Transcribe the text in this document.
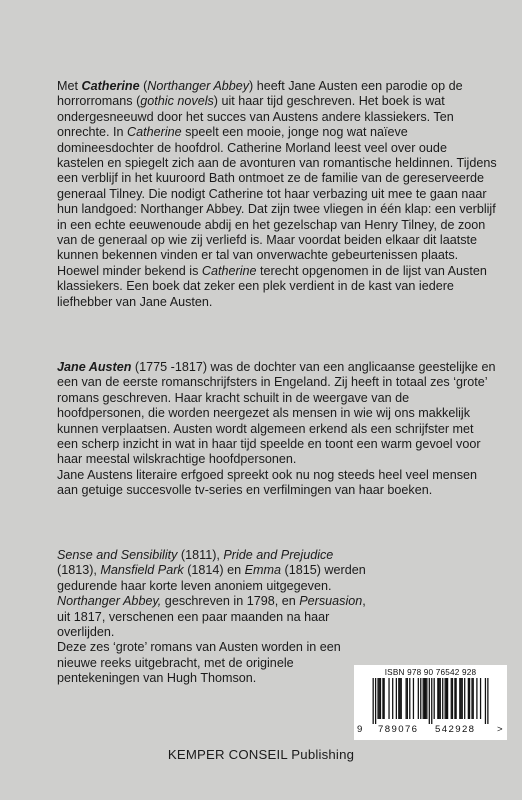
Met Catherine (Northanger Abbey) heeft Jane Austen een parodie op de horrorromans (gothic novels) uit haar tijd geschreven. Het boek is wat ondergesneeuwd door het succes van Austens andere klassiekers. Ten onrechte. In Catherine speelt een mooie, jonge nog wat naïeve domineesdochter de hoofdrol. Catherine Morland leest veel over oude kastelen en spiegelt zich aan de avonturen van romantische heldinnen. Tijdens een verblijf in het kuuroord Bath ontmoet ze de familie van de gereserveerde generaal Tilney. Die nodigt Catherine tot haar verbazing uit mee te gaan naar hun landgoed: Northanger Abbey. Dat zijn twee vliegen in één klap: een verblijf in een echte eeuwenoude abdij en het gezelschap van Henry Tilney, de zoon van de generaal op wie zij verliefd is. Maar voordat beiden elkaar dit laatste kunnen bekennen vinden er tal van onverwachte gebeurtenissen plaats.

Hoewel minder bekend is Catherine terecht opgenomen in de lijst van Austen klassiekers. Een boek dat zeker een plek verdient in de kast van iedere liefhebber van Jane Austen.

Jane Austen (1775 -1817) was de dochter van een anglicaanse geestelijke en een van de eerste romanschrijfsters in Engeland. Zij heeft in totaal zes ‘grote’ romans geschreven. Haar kracht schuilt in de weergave van de hoofdpersonen, die worden neergezet als mensen in wie wij ons makkelijk kunnen verplaatsen. Austen wordt algemeen erkend als een schrijfster met een scherp inzicht in wat in haar tijd speelde en toont een warm gevoel voor haar meestal wilskrachtige hoofdpersonen.

Jane Austens literaire erfgoed spreekt ook nu nog steeds heel veel mensen aan getuige succesvolle tv-series en verfilmingen van haar boeken.

Sense and Sensibility (1811), Pride and Prejudice (1813), Mansfield Park (1814) en Emma (1815) werden gedurende haar korte leven anoniem uitgegeven. Northanger Abbey, geschreven in 1798, en Persuasion, uit 1817, verschenen een paar maanden na haar overlijden.

Deze zes ‘grote’ romans van Austen worden in een nieuwe reeks uitgebracht, met de originele pentekeningen van Hugh Thomson.	ISBN 978 90 76542 928
9 789076 542928 >
KEMPER CONSEIL Publishing
